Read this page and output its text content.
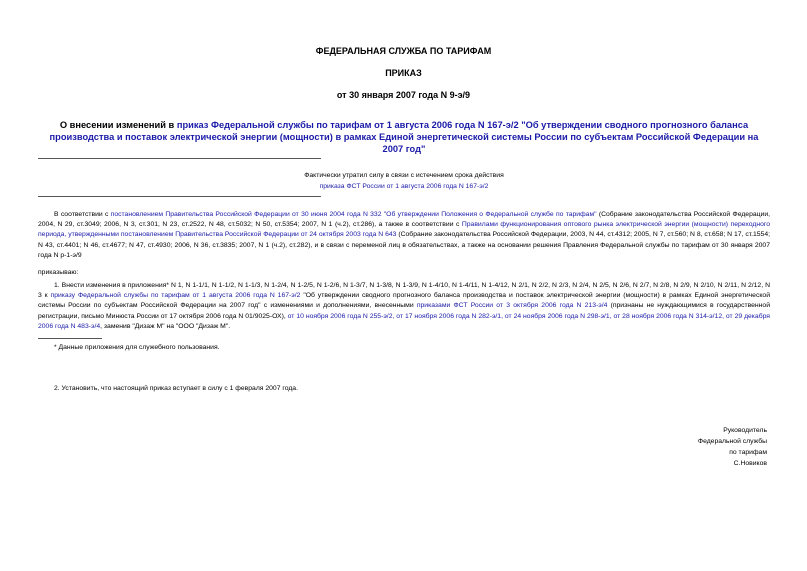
ФЕДЕРАЛЬНАЯ СЛУЖБА ПО ТАРИФАМ
ПРИКАЗ
от 30 января 2007 года N 9-э/9
О внесении изменений в приказ Федеральной службы по тарифам от 1 августа 2006 года N 167-э/2 "Об утверждении сводного прогнозного баланса производства и поставок электрической энергии (мощности) в рамках Единой энергетической системы России по субъектам Российской Федерации на 2007 год"
Фактически утратил силу в связи с истечением срока действия
приказа ФСТ России от 1 августа 2006 года N 167-э/2
В соответствии с постановлением Правительства Российской Федерации от 30 июня 2004 года N 332 "Об утверждении Положения о Федеральной службе по тарифам" (Собрание законодательства Российской Федерации, 2004, N 29, ст.3049; 2006, N 3, ст.301, N 23, ст.2522, N 48, ст.5032; N 50, ст.5354; 2007, N 1 (ч.2), ст.286), а также в соответствии с Правилами функционирования оптового рынка электрической энергии (мощности) переходного периода, утвержденными постановлением Правительства Российской Федерации от 24 октября 2003 года N 643 (Собрание законодательства Российской Федерации, 2003, N 44, ст.4312; 2005, N 7, ст.560; N 8, ст.658; N 17, ст.1554; N 43, ст.4401; N 46, ст.4677; N 47, ст.4930; 2006, N 36, ст.3835; 2007, N 1 (ч.2), ст.282), и в связи с переменой лиц в обязательствах, а также на основании решения Правления Федеральной службы по тарифам от 30 января 2007 года N р-1-э/9
приказываю:
1. Внести изменения в приложения* N 1, N 1-1/1, N 1-1/2, N 1-1/3, N 1-2/4, N 1-2/5, N 1-2/6, N 1-3/7, N 1-3/8, N 1-3/9, N 1-4/10, N 1-4/11, N 1-4/12, N 2/1, N 2/2, N 2/3, N 2/4, N 2/5, N 2/6, N 2/7, N 2/8, N 2/9, N 2/10, N 2/11, N 2/12, N 3 к приказу Федеральной службы по тарифам от 1 августа 2006 года N 167-э/2 "Об утверждении сводного прогнозного баланса производства и поставок электрической энергии (мощности) в рамках Единой энергетической системы России по субъектам Российской Федерации на 2007 год" с изменениями и дополнениями, внесенными приказами ФСТ России от 3 октября 2006 года N 213-э/4 (признаны не нуждающимися в государственной регистрации, письмо Минюста России от 17 октября 2006 года N 01/9025-ОХ), от 10 ноября 2006 года N 255-э/2, от 17 ноября 2006 года N 282-э/1, от 24 ноября 2006 года N 298-э/1, от 28 ноября 2006 года N 314-э/12, от 29 декабря 2006 года N 483-э/4, заменив "Дизаж М" на "ООО "Дизаж М".
* Данные приложения для служебного пользования.
2. Установить, что настоящий приказ вступает в силу с 1 февраля 2007 года.
Руководитель
Федеральной службы
по тарифам
С.Новиков
